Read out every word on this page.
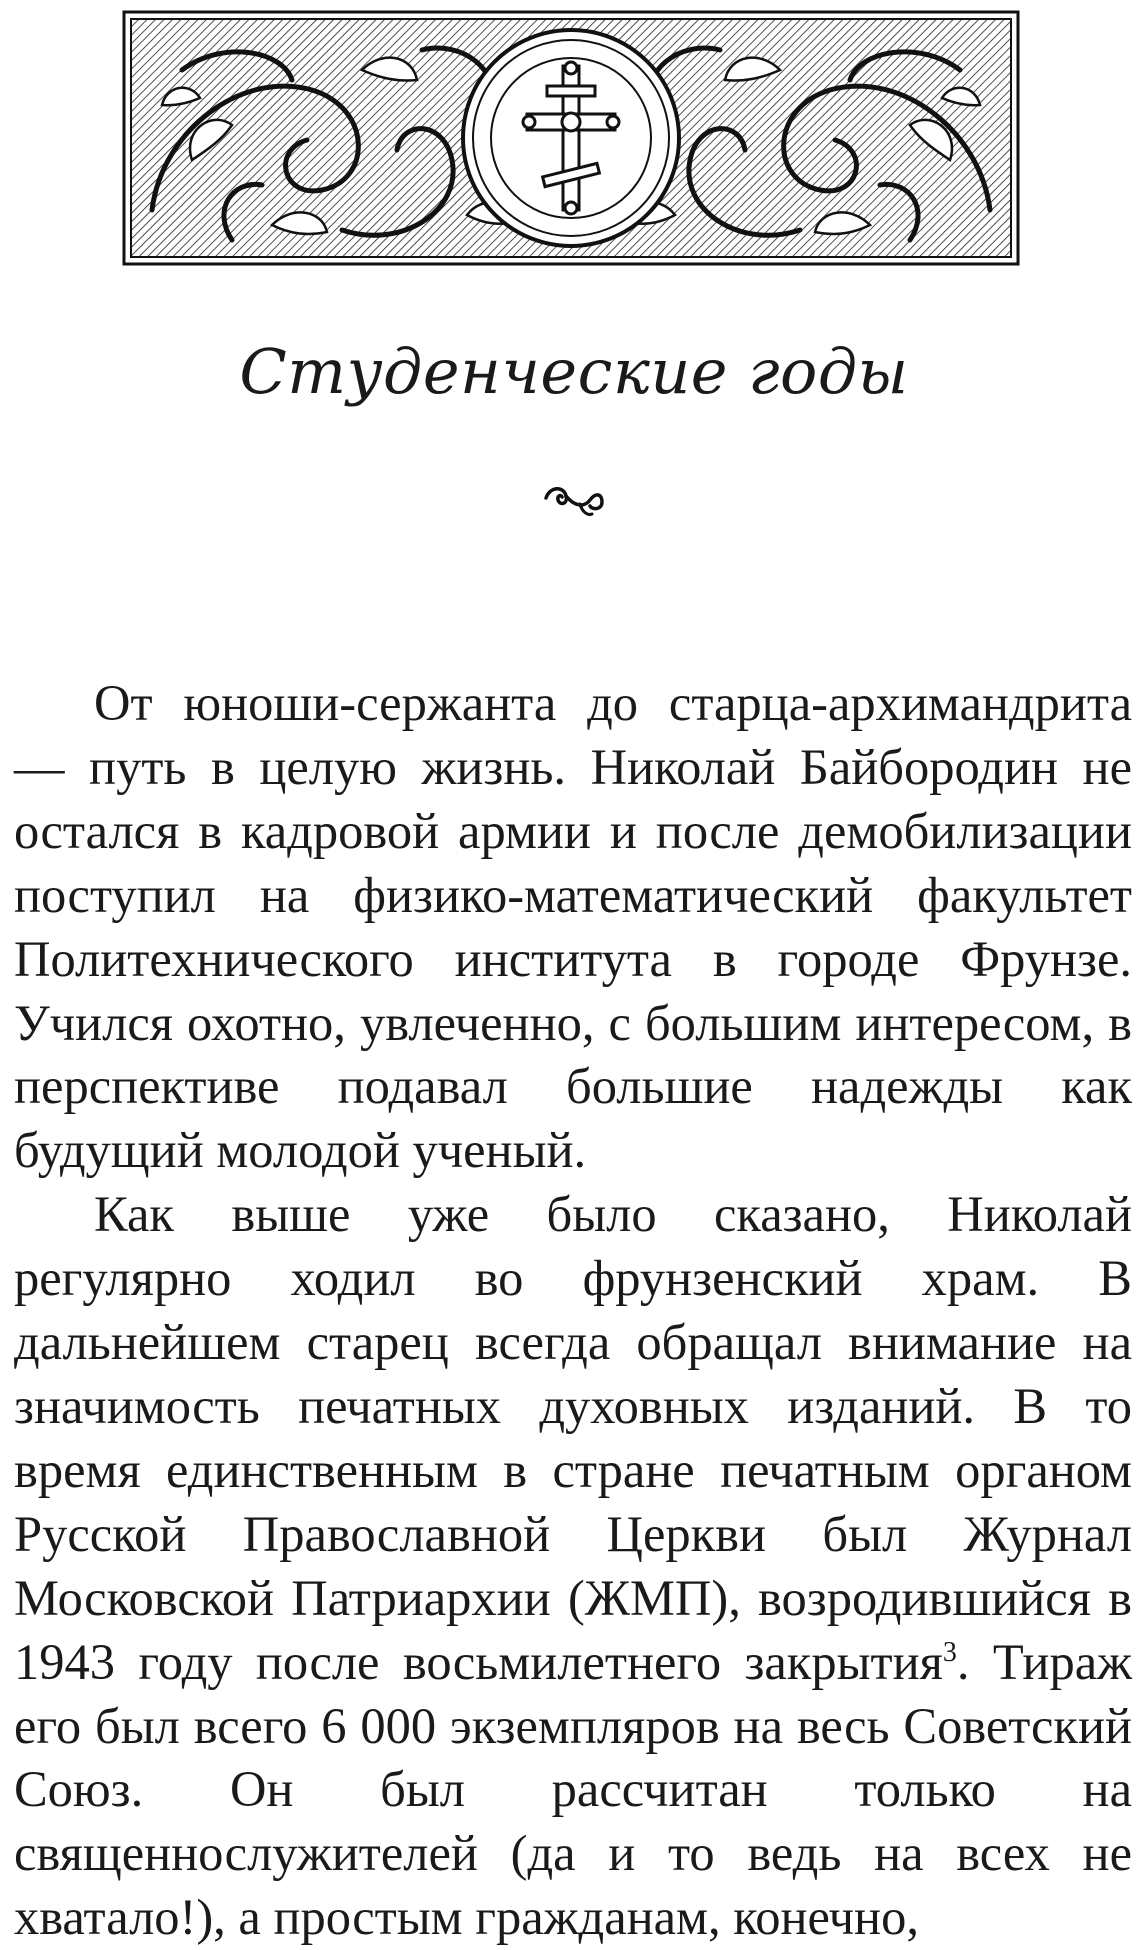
Студенческие годы

От юноши-сержанта до старца-архимандрита — путь в целую жизнь. Николай Байбородин не остался в кадровой армии и после демобилизации поступил на физико-математический факультет Политехнического института в городе Фрунзе. Учился охотно, увлеченно, с большим интересом, в перспективе подавал большие надежды как будущий молодой ученый.

Как выше уже было сказано, Николай регулярно ходил во фрунзенский храм. В дальнейшем старец всегда обращал внимание на значимость печатных духовных изданий. В то время единственным в стране печатным органом Русской Православной Церкви был Журнал Московской Патриархии (ЖМП), возродившийся в 1943 году после восьмилетнего закрытия$^3$. Тираж его был всего 6 000 экземпляров на весь Советский Союз. Он был рассчитан только на священнослужителей (да и то ведь на всех не хватало!), а простым гражданам, конечно,
